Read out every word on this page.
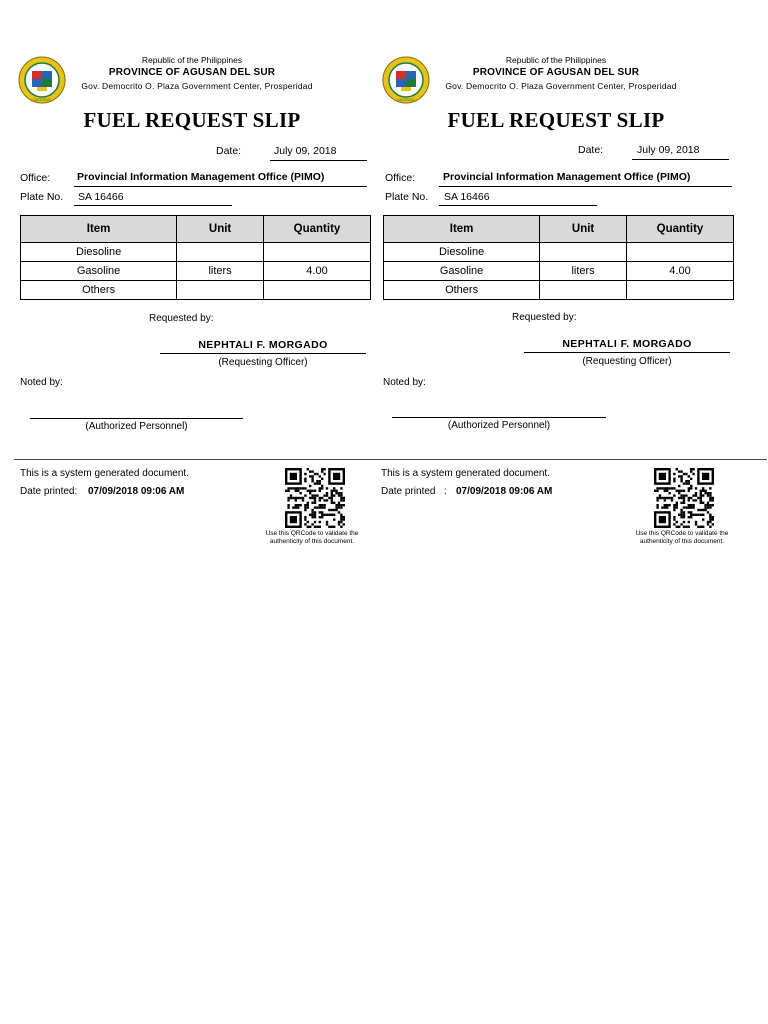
SAGISAG
Republic of the Philippines
PROVINCE OF AGUSAN DEL SUR
Gov. Democrito O. Plaza Government Center, Prosperidad
FUEL REQUEST SLIP
Date:	July 09, 2018
Office:	Provincial Information Management Office (PIMO)
Plate No. SA 16466
Item	Unit	Quantity
Diesoline		
Gasoline	liters	4.00
Others		
Requested by:
NEPHTALI F. MORGADO
(Requesting Officer)
Noted by:
(Authorized Personnel)
SAGISAG
Republic of the Philippines
PROVINCE OF AGUSAN DEL SUR
Gov. Democrito O. Plaza Government Center, Prosperidad
FUEL REQUEST SLIP
Date:	July 09, 2018
Office:	Provincial Information Management Office (PIMO)
Plate No. SA 16466
Item	Unit	Quantity
Diesoline		
Gasoline	liters	4.00
Others		
Requested by:
NEPHTALI F. MORGADO
(Requesting Officer)
Noted by:
(Authorized Personnel)
This is a system generated document.
Date printed: 07/09/2018 09:06 AM
Use this QRCode to validate the authenticity of this document.
This is a system generated document.
Date printed   : 07/09/2018 09:06 AM
Use this QRCode to validate the authenticity of this document.
